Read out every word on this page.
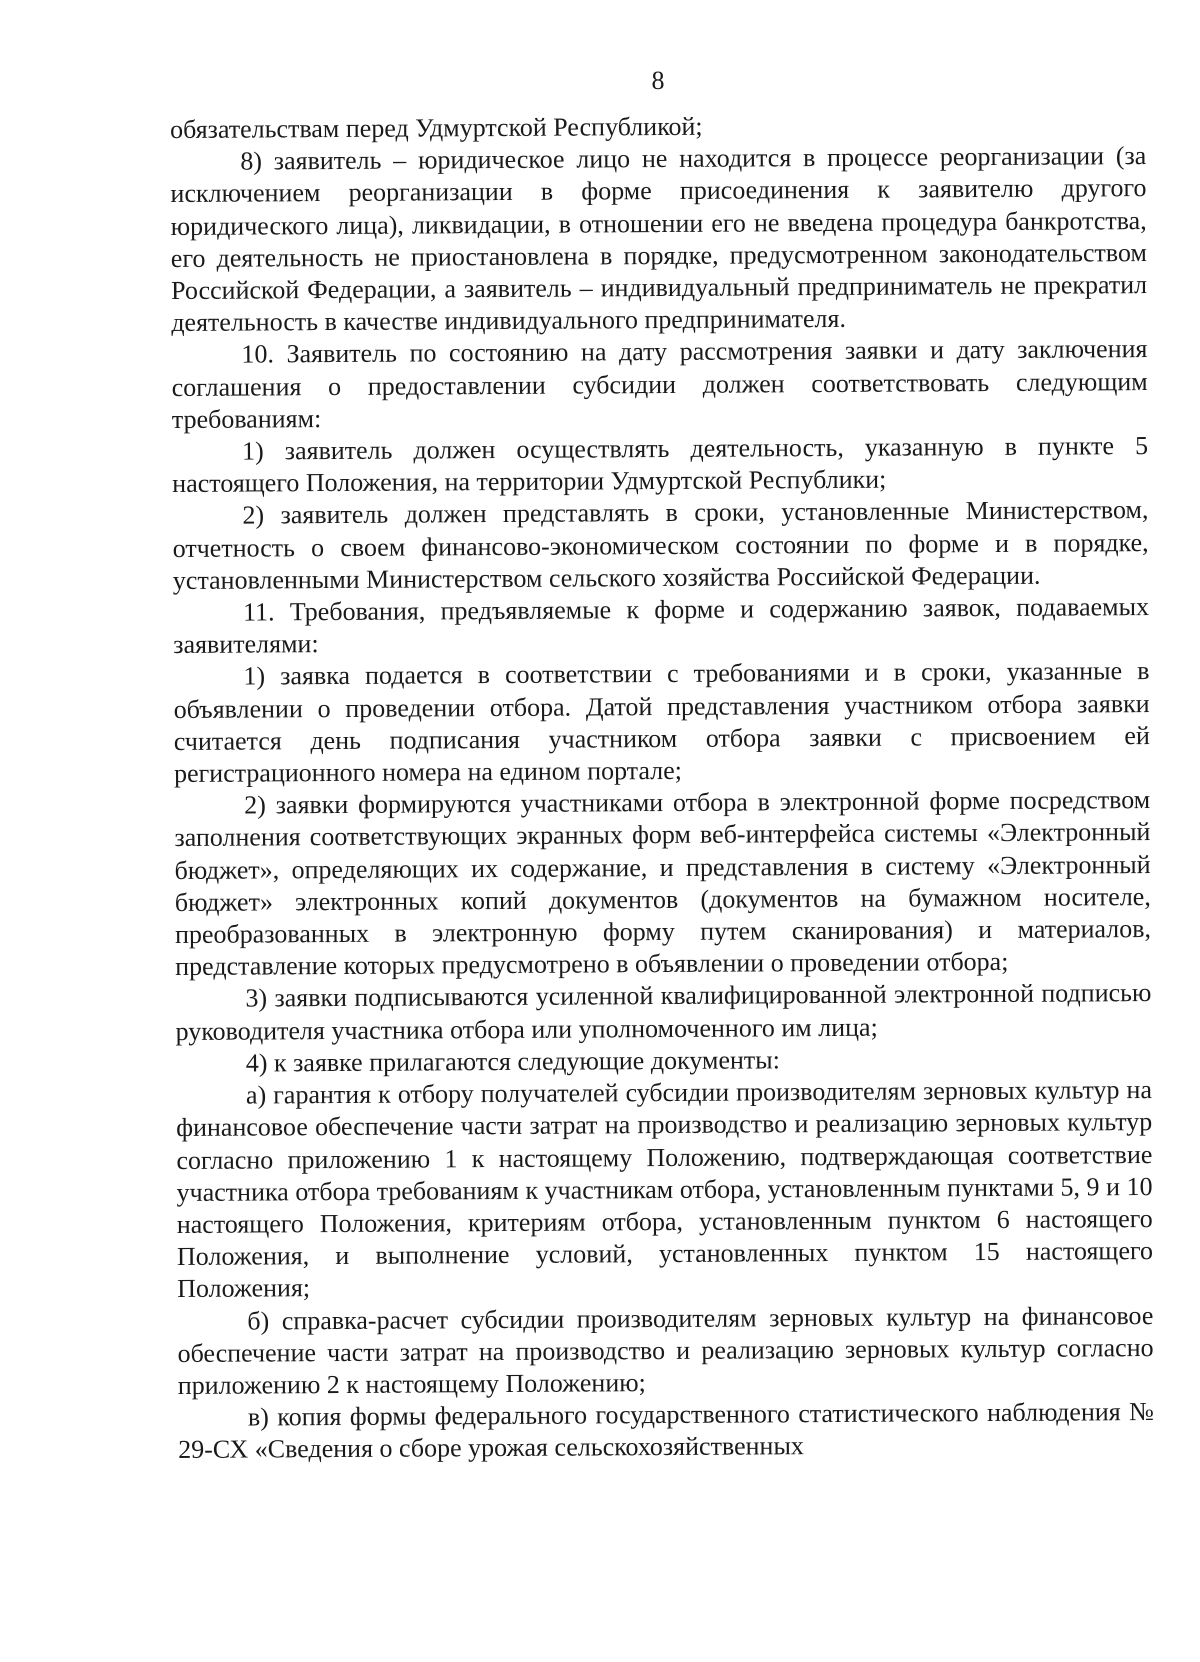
8

обязательствам перед Удмуртской Республикой;

8) заявитель – юридическое лицо не находится в процессе реорганизации (за исключением реорганизации в форме присоединения к заявителю другого юридического лица), ликвидации, в отношении его не введена процедура банкротства, его деятельность не приостановлена в порядке, предусмотренном законодательством Российской Федерации, а заявитель – индивидуальный предприниматель не прекратил деятельность в качестве индивидуального предпринимателя.

10. Заявитель по состоянию на дату рассмотрения заявки и дату заключения соглашения о предоставлении субсидии должен соответствовать следующим требованиям:

1) заявитель должен осуществлять деятельность, указанную в пункте 5 настоящего Положения, на территории Удмуртской Республики;

2) заявитель должен представлять в сроки, установленные Министерством, отчетность о своем финансово-экономическом состоянии по форме и в порядке, установленными Министерством сельского хозяйства Российской Федерации.

11. Требования, предъявляемые к форме и содержанию заявок, подаваемых заявителями:

1) заявка подается в соответствии с требованиями и в сроки, указанные в объявлении о проведении отбора. Датой представления участником отбора заявки считается день подписания участником отбора заявки с присвоением ей регистрационного номера на едином портале;

2) заявки формируются участниками отбора в электронной форме посредством заполнения соответствующих экранных форм веб-интерфейса системы «Электронный бюджет», определяющих их содержание, и представления в систему «Электронный бюджет» электронных копий документов (документов на бумажном носителе, преобразованных в электронную форму путем сканирования) и материалов, представление которых предусмотрено в объявлении о проведении отбора;

3) заявки подписываются усиленной квалифицированной электронной подписью руководителя участника отбора или уполномоченного им лица;

4) к заявке прилагаются следующие документы:

а) гарантия к отбору получателей субсидии производителям зерновых культур на финансовое обеспечение части затрат на производство и реализацию зерновых культур согласно приложению 1 к настоящему Положению, подтверждающая соответствие участника отбора требованиям к участникам отбора, установленным пунктами 5, 9 и 10 настоящего Положения, критериям отбора, установленным пунктом 6 настоящего Положения, и выполнение условий, установленных пунктом 15 настоящего Положения;

б) справка-расчет субсидии производителям зерновых культур на финансовое обеспечение части затрат на производство и реализацию зерновых культур согласно приложению 2 к настоящему Положению;

в) копия формы федерального государственного статистического наблюдения № 29-СХ «Сведения о сборе урожая сельскохозяйственных
